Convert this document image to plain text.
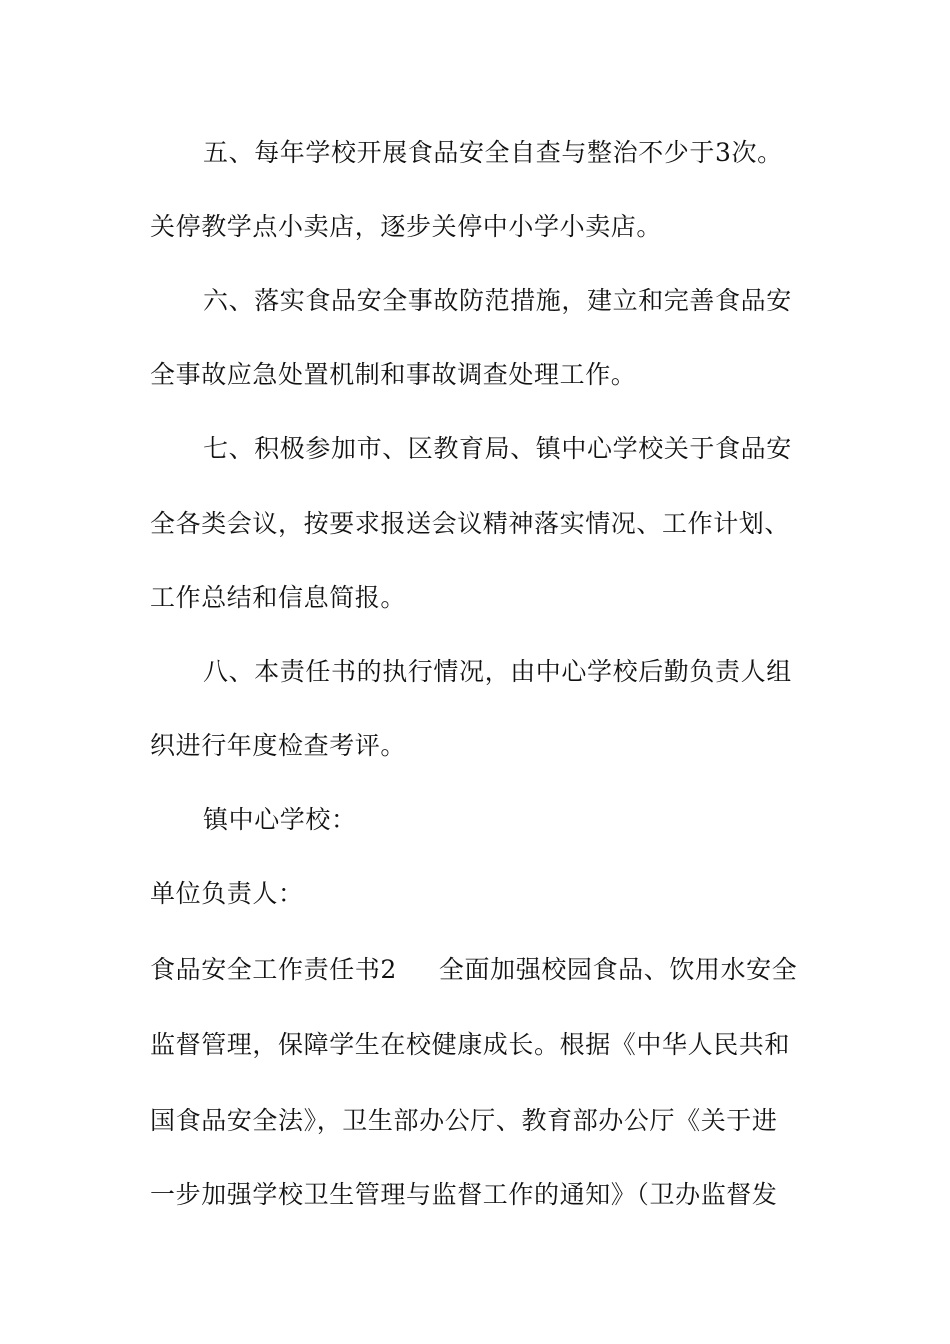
五、每年学校开展食品安全自查与整治不少于3次。

关停教学点小卖店，逐步关停中小学小卖店。

六、落实食品安全事故防范措施，建立和完善食品安

全事故应急处置机制和事故调查处理工作。

七、积极参加市、区教育局、镇中心学校关于食品安

全各类会议，按要求报送会议精神落实情况、工作计划、

工作总结和信息简报。

八、本责任书的执行情况，由中心学校后勤负责人组

织进行年度检查考评。

镇中心学校：

单位负责人：

食品安全工作责任书2 全面加强校园食品、饮用水安全

监督管理，保障学生在校健康成长。根据《中华人民共和

国食品安全法》，卫生部办公厅、教育部办公厅《关于进

一步加强学校卫生管理与监督工作的通知》（卫办监督发
